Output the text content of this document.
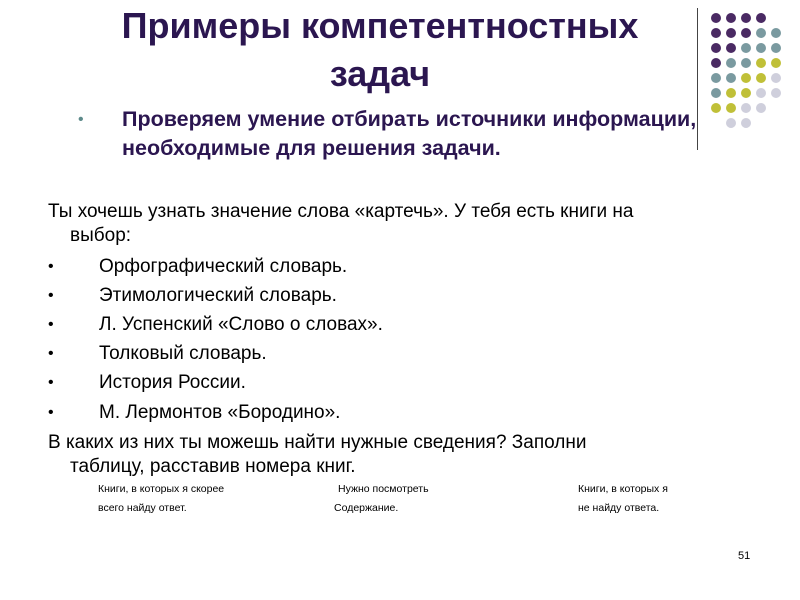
Примеры компетентностных
задач
• Проверяем умение отбирать источники информации, необходимые для решения задачи.
Ты хочешь узнать значение слова «картечь». У тебя есть книги на
выбор:
• Орфографический словарь.
• Этимологический словарь.
• Л. Успенский «Слово о словах».
• Толковый словарь.
• История России.
• М. Лермонтов «Бородино».
В каких из них ты можешь найти нужные сведения? Заполни
таблицу, расставив номера книг.
Книги, в которых я скорее
всего найду ответ.
Нужно посмотреть
Содержание.
Книги, в которых я
не найду ответа.
51
